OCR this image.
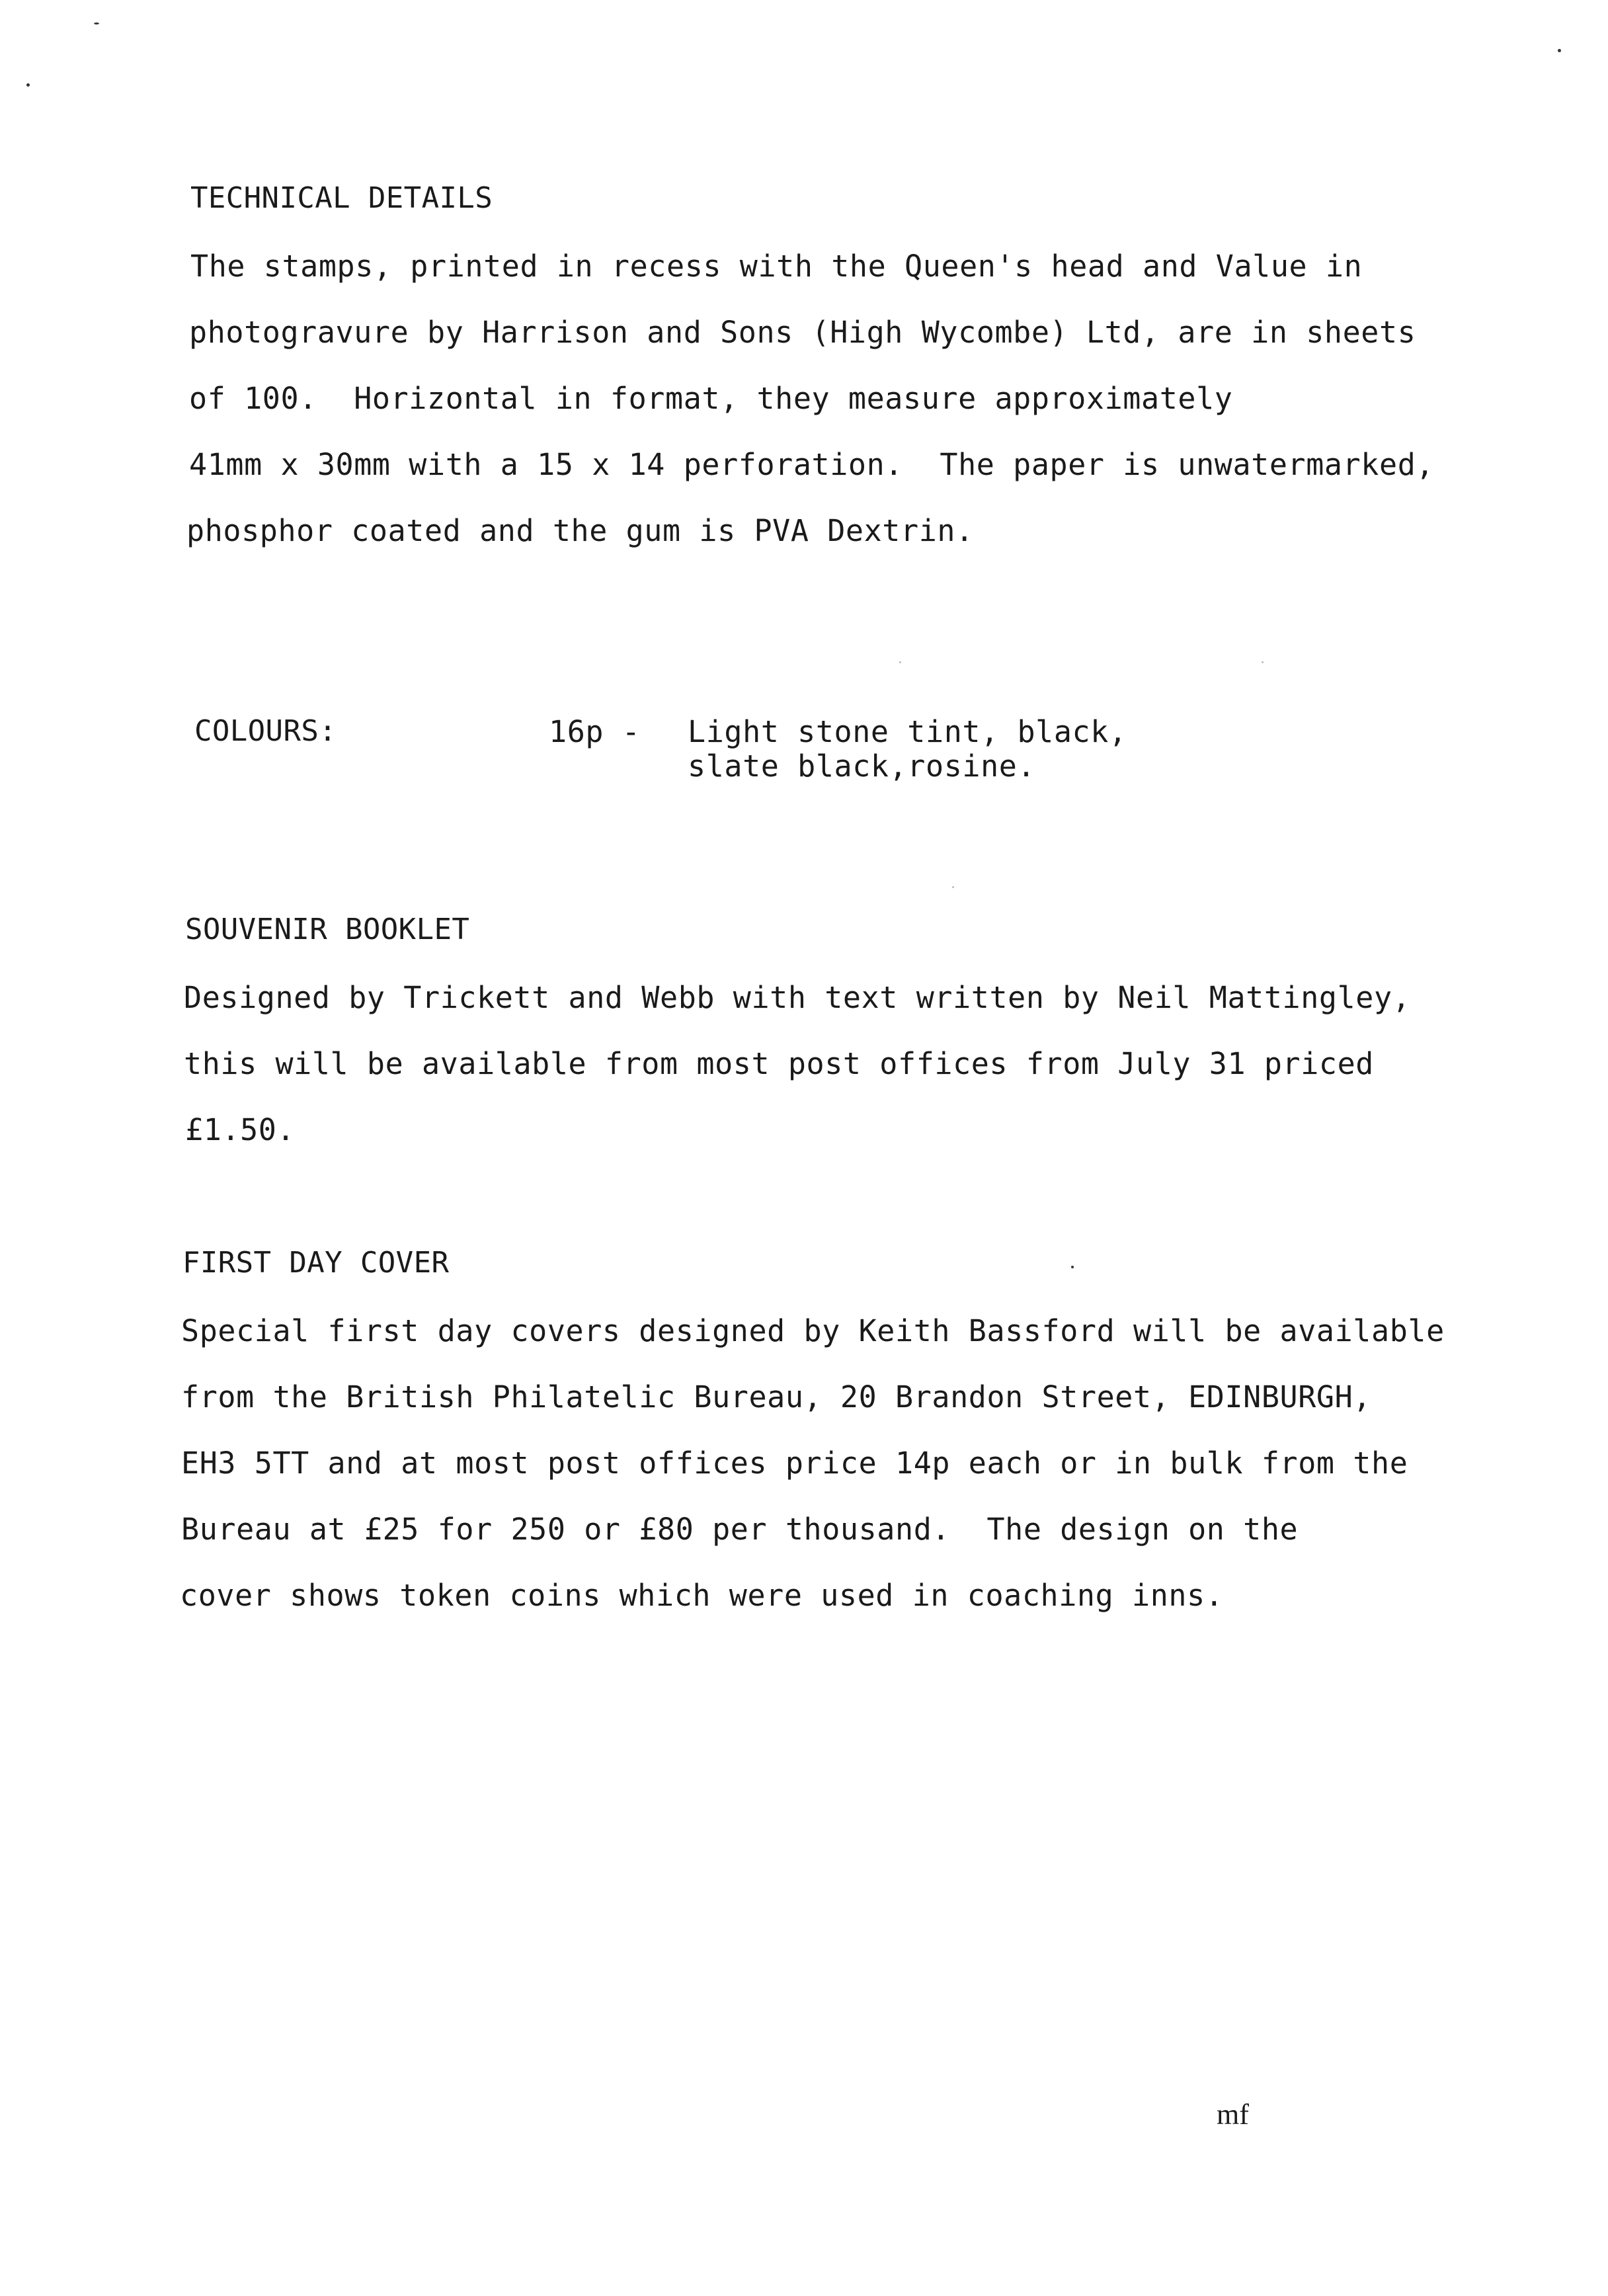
TECHNICAL DETAILS
The stamps, printed in recess with the Queen's head and Value in
photogravure by Harrison and Sons (High Wycombe) Ltd, are in sheets
of 100.  Horizontal in format, they measure approximately
41mm x 30mm with a 15 x 14 perforation.  The paper is unwatermarked,
phosphor coated and the gum is PVA Dextrin.
COLOURS:	16p - Light stone tint, black,
slate black,rosine.
SOUVENIR BOOKLET
Designed by Trickett and Webb with text written by Neil Mattingley,
this will be available from most post offices from July 31 priced
£1.50.
FIRST DAY COVER
Special first day covers designed by Keith Bassford will be available
from the British Philatelic Bureau, 20 Brandon Street, EDINBURGH,
EH3 5TT and at most post offices price 14p each or in bulk from the
Bureau at £25 for 250 or £80 per thousand.  The design on the
cover shows token coins which were used in coaching inns.
mf
